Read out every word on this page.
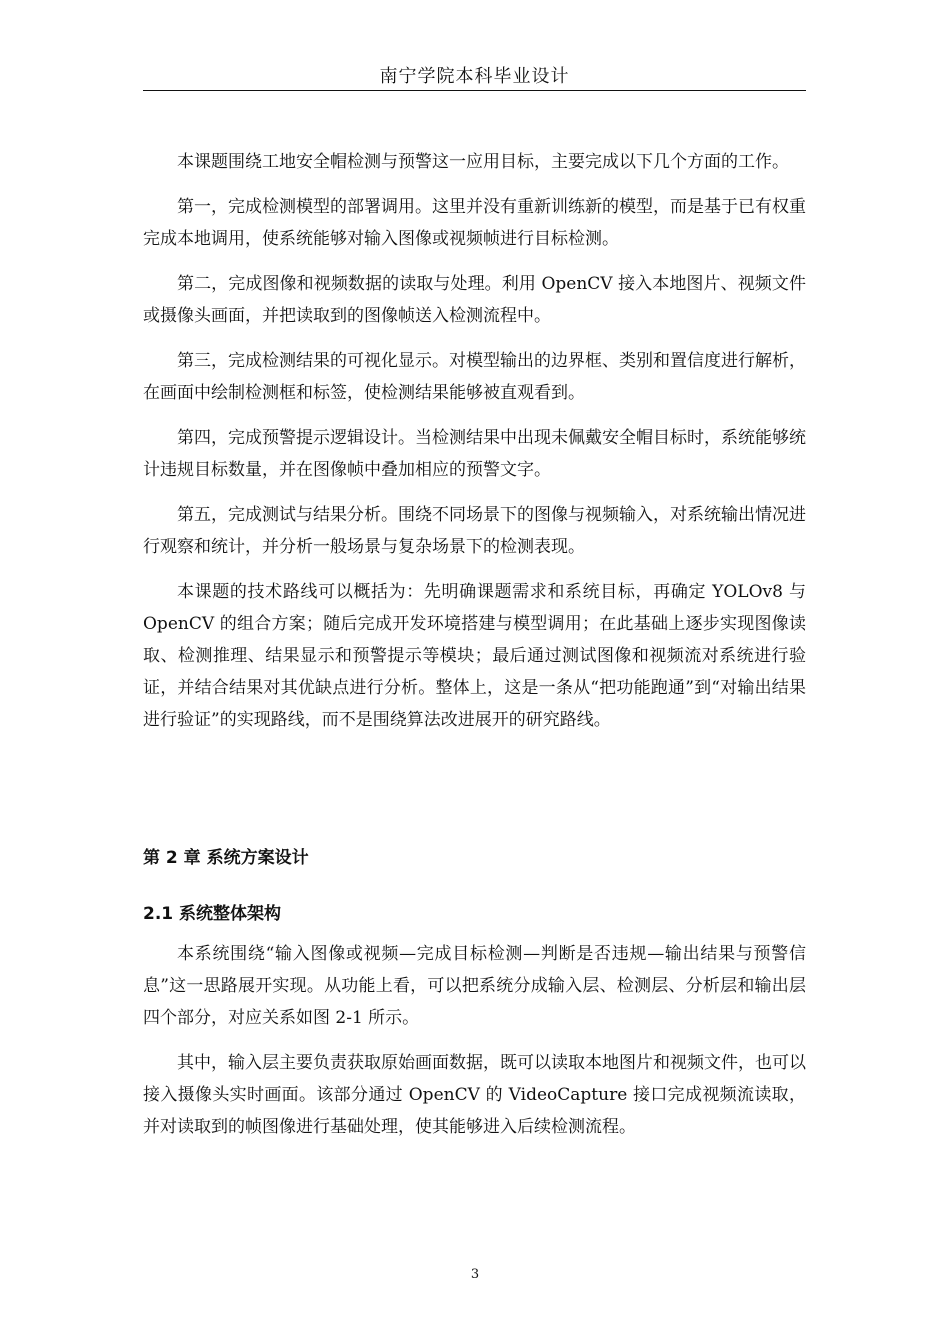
南宁学院本科毕业设计

本课题围绕工地安全帽检测与预警这一应用目标，主要完成以下几个方面的工作。

第一，完成检测模型的部署调用。这里并没有重新训练新的模型，而是基于已有权重完成本地调用，使系统能够对输入图像或视频帧进行目标检测。

第二，完成图像和视频数据的读取与处理。利用 OpenCV 接入本地图片、视频文件或摄像头画面，并把读取到的图像帧送入检测流程中。

第三，完成检测结果的可视化显示。对模型输出的边界框、类别和置信度进行解析，在画面中绘制检测框和标签，使检测结果能够被直观看到。

第四，完成预警提示逻辑设计。当检测结果中出现未佩戴安全帽目标时，系统能够统计违规目标数量，并在图像帧中叠加相应的预警文字。

第五，完成测试与结果分析。围绕不同场景下的图像与视频输入，对系统输出情况进行观察和统计，并分析一般场景与复杂场景下的检测表现。

本课题的技术路线可以概括为：先明确课题需求和系统目标，再确定 YOLOv8 与 OpenCV 的组合方案；随后完成开发环境搭建与模型调用；在此基础上逐步实现图像读取、检测推理、结果显示和预警提示等模块；最后通过测试图像和视频流对系统进行验证，并结合结果对其优缺点进行分析。整体上，这是一条从“把功能跑通”到“对输出结果进行验证”的实现路线，而不是围绕算法改进展开的研究路线。

第 2 章 系统方案设计
2.1 系统整体架构

本系统围绕“输入图像或视频—完成目标检测—判断是否违规—输出结果与预警信息”这一思路展开实现。从功能上看，可以把系统分成输入层、检测层、分析层和输出层四个部分，对应关系如图 2-1 所示。

其中，输入层主要负责获取原始画面数据，既可以读取本地图片和视频文件，也可以接入摄像头实时画面。该部分通过 OpenCV 的 VideoCapture 接口完成视频流读取，并对读取到的帧图像进行基础处理，使其能够进入后续检测流程。

3
